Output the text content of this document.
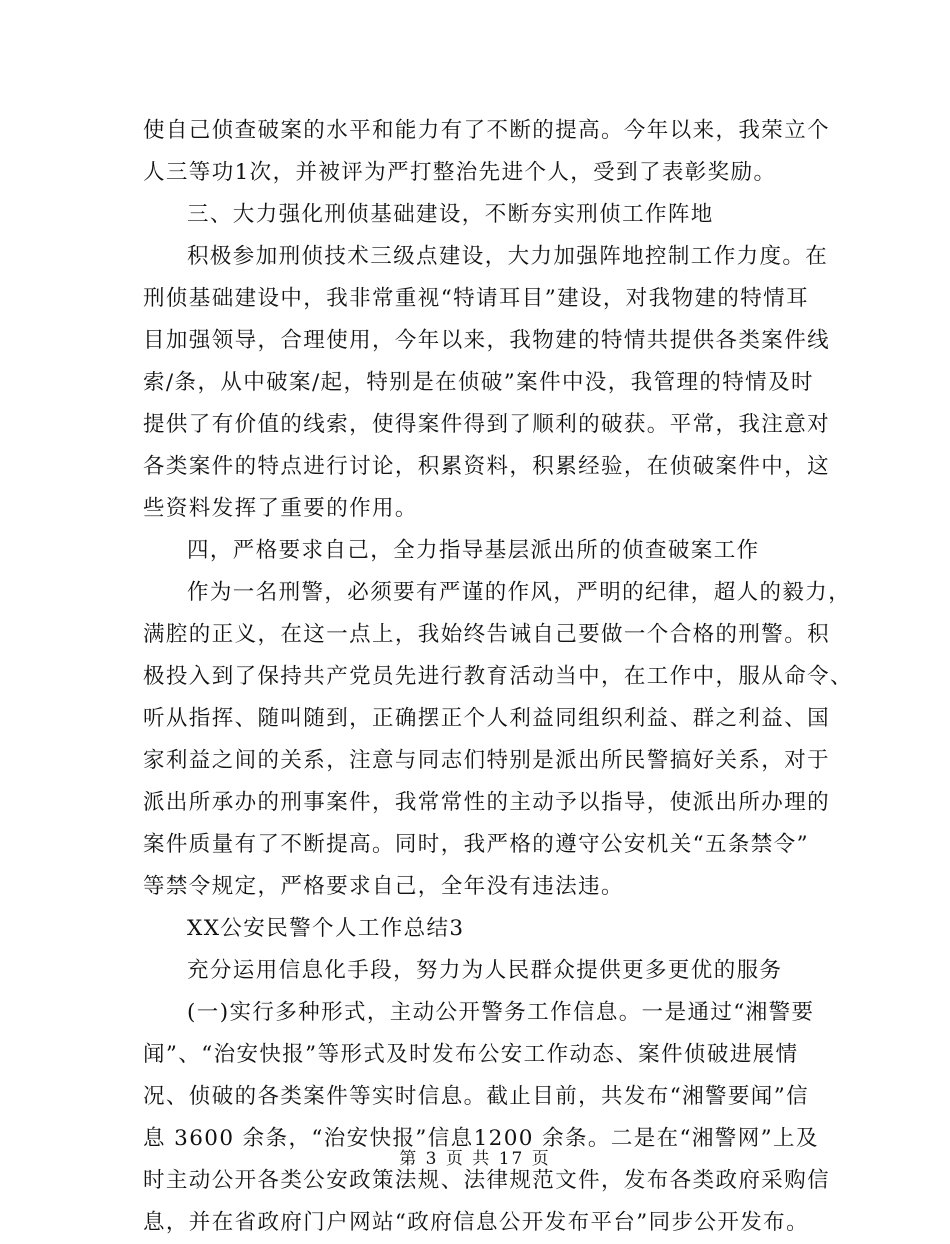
使自己侦查破案的水平和能力有了不断的提高。今年以来，我荣立个
人三等功1次，并被评为严打整治先进个人，受到了表彰奖励。
三、大力强化刑侦基础建设，不断夯实刑侦工作阵地
积极参加刑侦技术三级点建设，大力加强阵地控制工作力度。在
刑侦基础建设中，我非常重视“特请耳目”建设，对我物建的特情耳
目加强领导，合理使用，今年以来，我物建的特情共提供各类案件线
索/条，从中破案/起，特别是在侦破”案件中没，我管理的特情及时
提供了有价值的线索，使得案件得到了顺利的破获。平常，我注意对
各类案件的特点进行讨论，积累资料，积累经验，在侦破案件中，这
些资料发挥了重要的作用。
四，严格要求自己，全力指导基层派出所的侦查破案工作
作为一名刑警，必须要有严谨的作风，严明的纪律，超人的毅力，
满腔的正义，在这一点上，我始终告诫自己要做一个合格的刑警。积
极投入到了保持共产党员先进行教育活动当中，在工作中，服从命令、
听从指挥、随叫随到，正确摆正个人利益同组织利益、群之利益、国
家利益之间的关系，注意与同志们特别是派出所民警搞好关系，对于
派出所承办的刑事案件，我常常性的主动予以指导，使派出所办理的
案件质量有了不断提高。同时，我严格的遵守公安机关“五条禁令”
等禁令规定，严格要求自己，全年没有违法违。
XX公安民警个人工作总结3
充分运用信息化手段，努力为人民群众提供更多更优的服务
(一)实行多种形式，主动公开警务工作信息。一是通过“湘警要
闻”、“治安快报”等形式及时发布公安工作动态、案件侦破进展情
况、侦破的各类案件等实时信息。截止目前，共发布“湘警要闻”信
息 3600 余条，“治安快报”信息1200 余条。二是在“湘警网”上及
时主动公开各类公安政策法规、法律规范文件，发布各类政府采购信
息，并在省政府门户网站“政府信息公开发布平台”同步公开发布。
第 3 页 共 17 页
